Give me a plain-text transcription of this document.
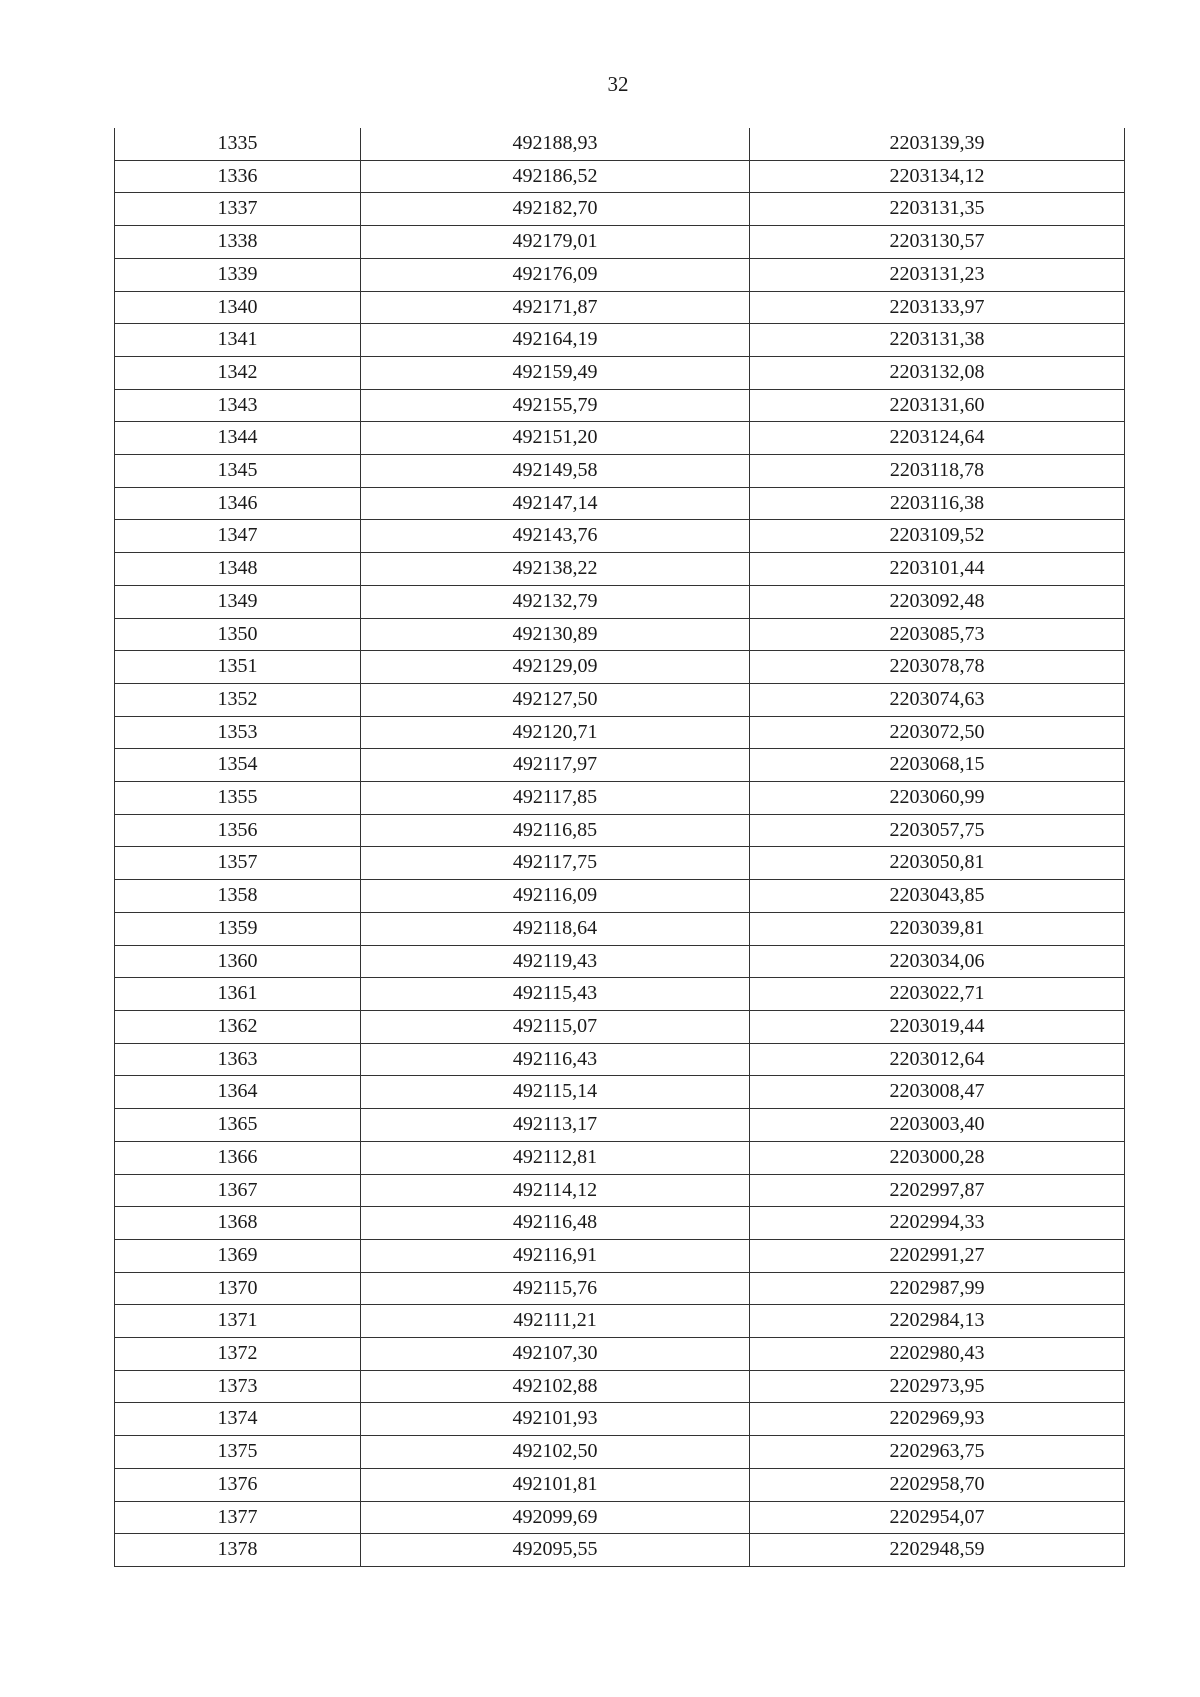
32
1335	492188,93	2203139,39
1336	492186,52	2203134,12
1337	492182,70	2203131,35
1338	492179,01	2203130,57
1339	492176,09	2203131,23
1340	492171,87	2203133,97
1341	492164,19	2203131,38
1342	492159,49	2203132,08
1343	492155,79	2203131,60
1344	492151,20	2203124,64
1345	492149,58	2203118,78
1346	492147,14	2203116,38
1347	492143,76	2203109,52
1348	492138,22	2203101,44
1349	492132,79	2203092,48
1350	492130,89	2203085,73
1351	492129,09	2203078,78
1352	492127,50	2203074,63
1353	492120,71	2203072,50
1354	492117,97	2203068,15
1355	492117,85	2203060,99
1356	492116,85	2203057,75
1357	492117,75	2203050,81
1358	492116,09	2203043,85
1359	492118,64	2203039,81
1360	492119,43	2203034,06
1361	492115,43	2203022,71
1362	492115,07	2203019,44
1363	492116,43	2203012,64
1364	492115,14	2203008,47
1365	492113,17	2203003,40
1366	492112,81	2203000,28
1367	492114,12	2202997,87
1368	492116,48	2202994,33
1369	492116,91	2202991,27
1370	492115,76	2202987,99
1371	492111,21	2202984,13
1372	492107,30	2202980,43
1373	492102,88	2202973,95
1374	492101,93	2202969,93
1375	492102,50	2202963,75
1376	492101,81	2202958,70
1377	492099,69	2202954,07
1378	492095,55	2202948,59
